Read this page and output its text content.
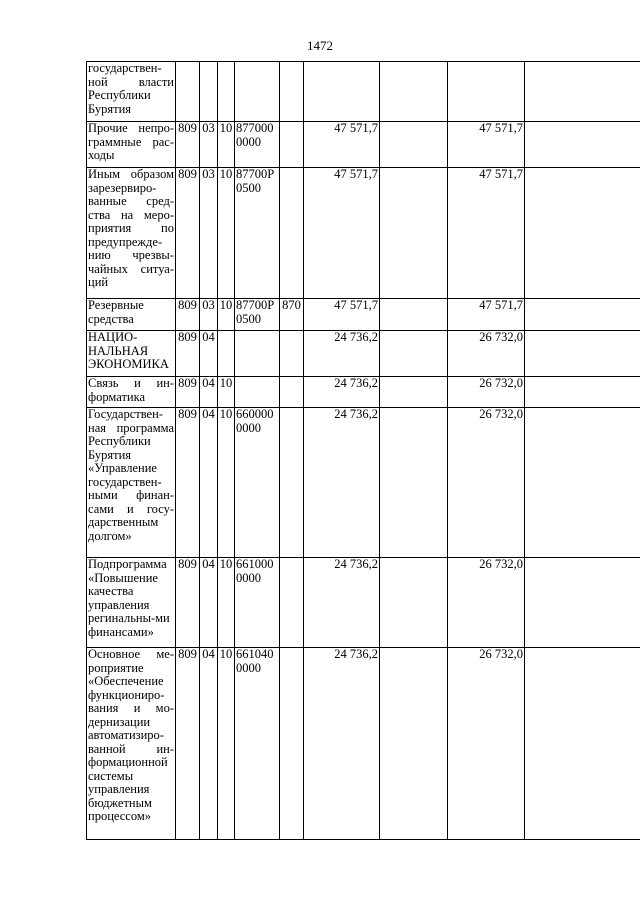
1472
государствен-ной власти Республики Бурятия									
Прочие непро-граммные рас-ходы	809	03	10	877000 0000		47 571,7		47 571,7	
Иным образом зарезервиро-ванные сред-ства на меро-приятия по предупрежде-нию чрезвы-чайных ситуа-ций	809	03	10	87700Р 0500		47 571,7		47 571,7	
Резервные средства	809	03	10	87700Р 0500	870	47 571,7		47 571,7	
НАЦИО-НАЛЬНАЯ ЭКОНОМИКА	809	04				24 736,2		26 732,0	
Связь и ин-форматика	809	04	10			24 736,2		26 732,0	
Государствен-ная программа Республики Бурятия «Управление государствен-ными финан-сами и госу-дарственным долгом»	809	04	10	660000 0000		24 736,2		26 732,0	
Подпрограмма «Повышение качества управления регинальны-ми финансами»	809	04	10	661000 0000		24 736,2		26 732,0	
Основное ме-роприятие «Обеспечение функциониро-вания и мо-дернизации автоматизиро-ванной ин-формационной системы управления бюджетным процессом»	809	04	10	661040 0000		24 736,2		26 732,0	
